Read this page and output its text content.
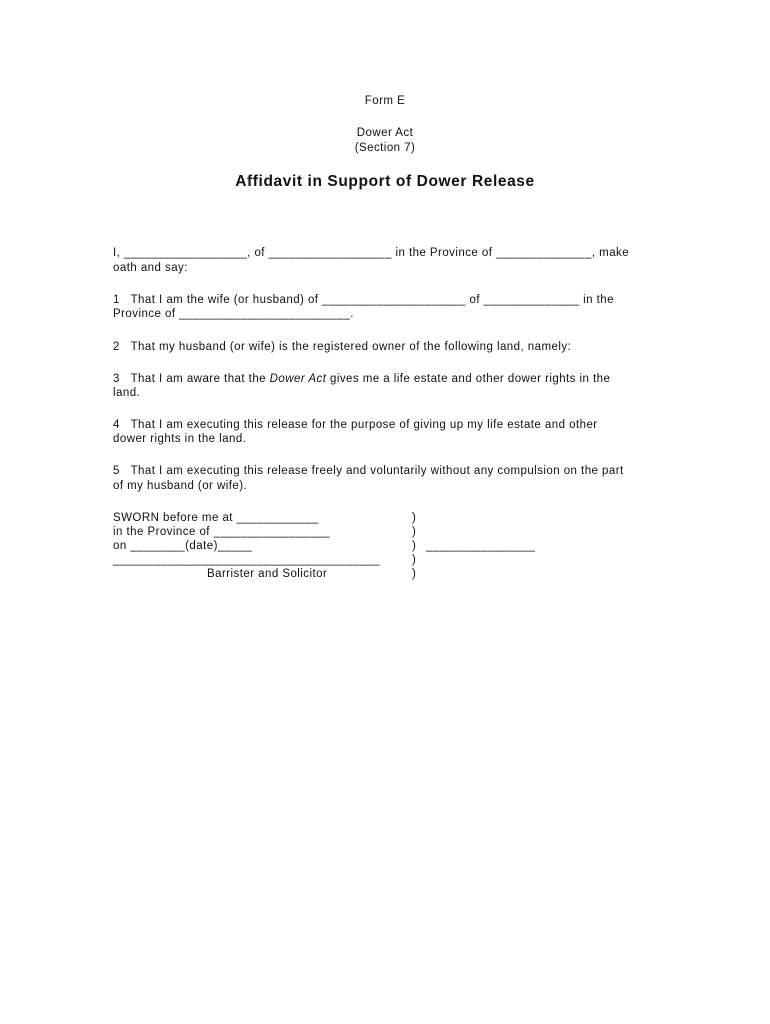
Form E
Dower Act
(Section 7)
Affidavit in Support of Dower Release
I, __________________, of __________________ in the Province of ______________, make
oath and say:
1   That I am the wife (or husband) of _____________________ of ______________ in the
Province of _________________________.
2   That my husband (or wife) is the registered owner of the following land, namely:
3   That I am aware that the Dower Act gives me a life estate and other dower rights in the
land.
4   That I am executing this release for the purpose of giving up my life estate and other
dower rights in the land.
5   That I am executing this release freely and voluntarily without any compulsion on the part
of my husband (or wife).
SWORN before me at ____________
in the Province of _________________
on ________(date)_____
_______________________________________
Barrister and Solicitor
)
)
)
)
)
________________
